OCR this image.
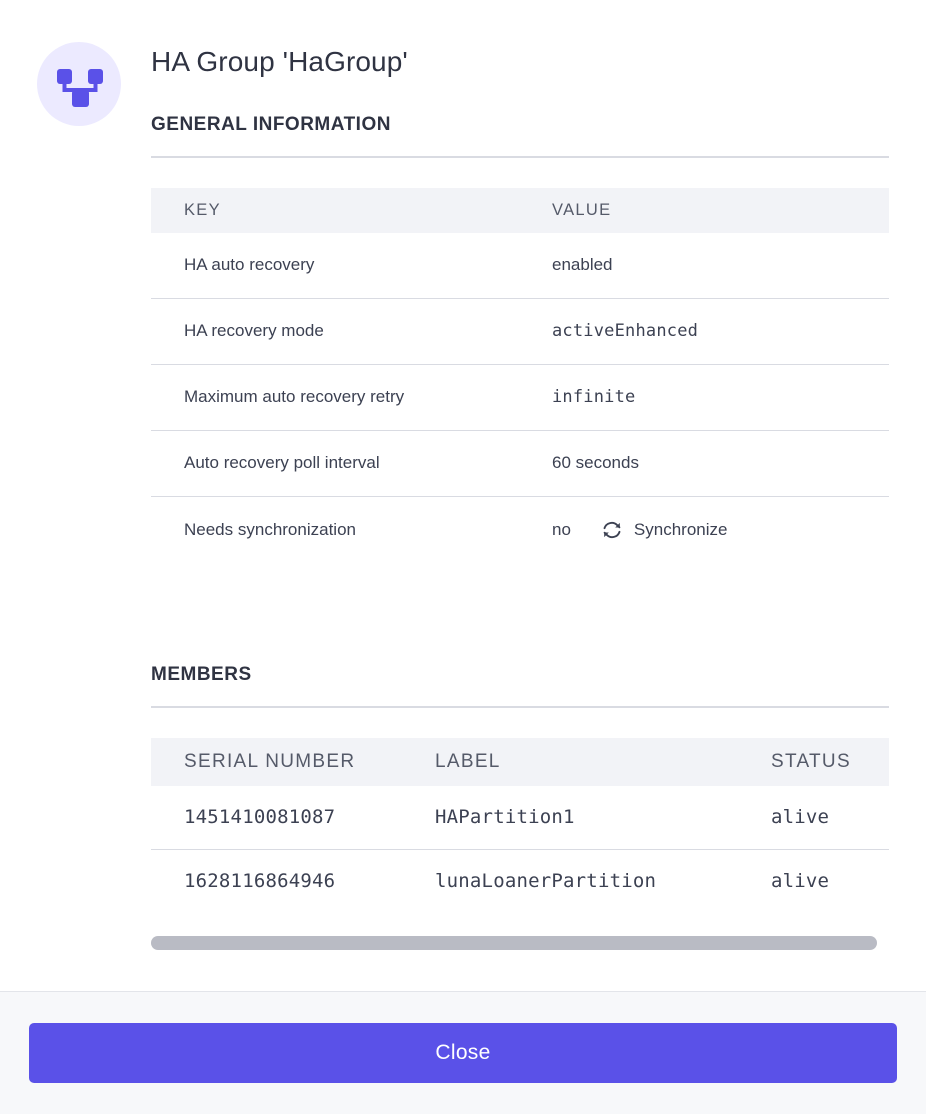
HA Group 'HaGroup'
GENERAL INFORMATION
KEY	VALUE
HA auto recovery	enabled
HA recovery mode	activeEnhanced
Maximum auto recovery retry	infinite
Auto recovery poll interval	60 seconds
Needs synchronization	no Synchronize
MEMBERS
SERIAL NUMBER	LABEL	STATUS
1451410081087	HAPartition1	alive
1628116864946	lunaLoanerPartition	alive
Close
